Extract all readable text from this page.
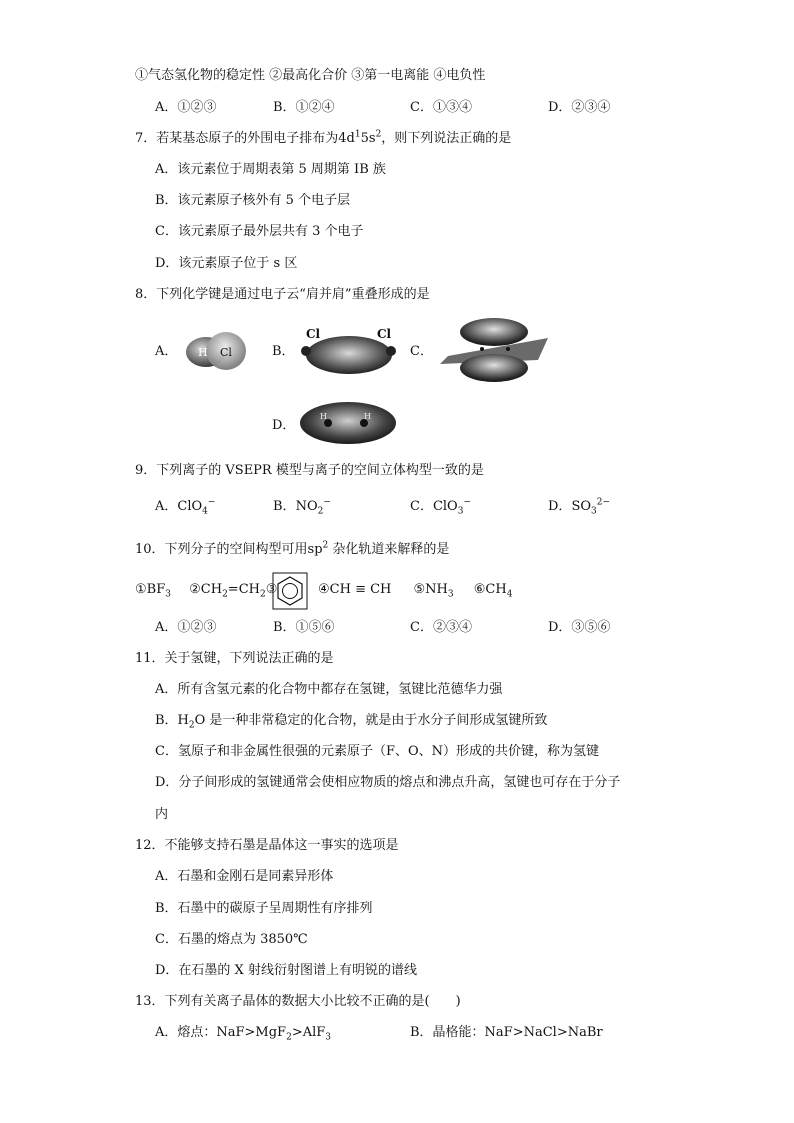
①气态氢化物的稳定性 ②最高化合价 ③第一电离能 ④电负性
A．①②③	B．①②④	C．①③④	D．②③④
7．若某基态原子的外围电子排布为$4d^15s^2$，则下列说法正确的是
A．该元素位于周期表第 5 周期第 IB 族
B．该元素原子核外有 5 个电子层
C．该元素原子最外层共有 3 个电子
D．该元素原子位于 s 区
8．下列化学键是通过电子云“肩并肩”重叠形成的是
A． H Cl	B．
Cl	Cl
C．
D．
H	H
9．下列离子的 VSEPR 模型与离子的空间立体构型一致的是
A．ClO$_4$−	B．$NO_2^-$	C．ClO$_3$−	D．$SO_3^{2-}$
10．下列分子的空间构型可用$sp^2$ 杂化轨道来解释的是
$①BF_3$ $②CH_2=CH_2③$	④CH ≡ CH $⑤NH_3$ $⑥CH_4$
A．①②③	B．①⑤⑥	C．②③④	D．③⑤⑥
11．关于氢键，下列说法正确的是
A．所有含氢元素的化合物中都存在氢键，氢键比范德华力强
B．$H_2O$ 是一种非常稳定的化合物，就是由于水分子间形成氢键所致
C．氢原子和非金属性很强的元素原子（F、O、N）形成的共价键，称为氢键
D．分子间形成的氢键通常会使相应物质的熔点和沸点升高，氢键也可存在于分子
内
12．不能够支持石墨是晶体这一事实的选项是
A．石墨和金刚石是同素异形体
B．石墨中的碳原子呈周期性有序排列
C．石墨的熔点为 3850℃
D．在石墨的 X 射线衍射图谱上有明锐的谱线
13．下列有关离子晶体的数据大小比较不正确的是(　　)
A．熔点：NaF>MgF$_2$>AlF$_3$	B．晶格能：NaF>NaCl>NaBr
